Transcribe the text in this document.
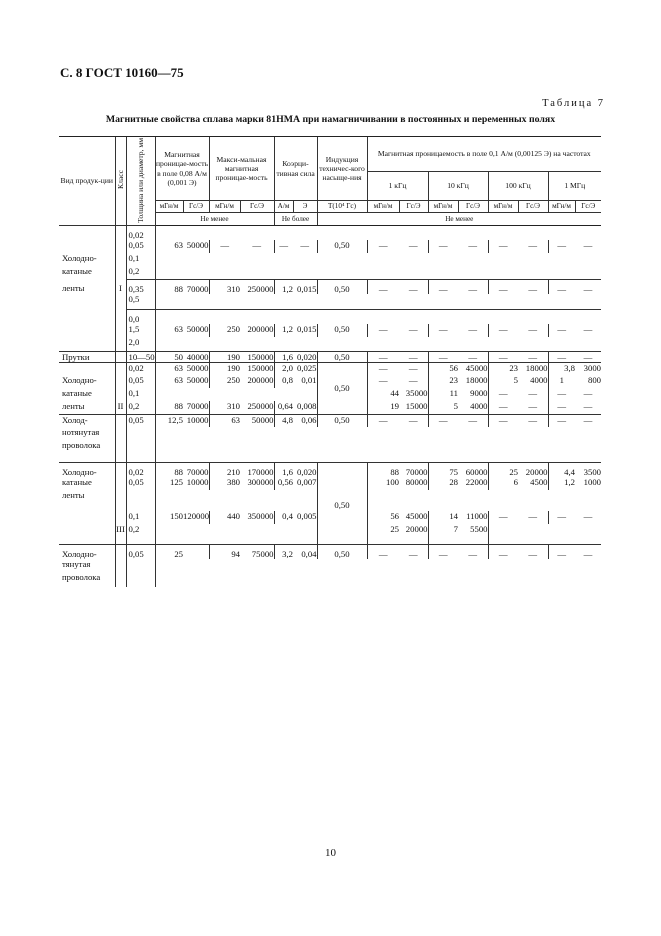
С. 8 ГОСТ 10160—75
Таблица 7
Магнитные свойства сплава марки 81НМА при намагничивании в постоянных и переменных полях
Вид продук-ции	Класс	Толщина или диаметр, мм	Магнитная проницае-мость в поле 0,08 А/м (0,001 Э)		Макси-мальная магнитная проницае-мость		Коэрци-тивная сила		Индукция техничес-кого насыще-ния	Магнитная проницаемость в поле 0,1 А/м (0,00125 Э) на частотах							
										1 кГц		10 кГц		100 кГц		1 МГц	
			мГн/м	Гс/Э	мГн/м	Гс/Э	А/м	Э	Т(10⁴ Гс)	мГн/м	Гс/Э	мГн/м	Гс/Э	мГн/м	Гс/Э	мГн/м	Гс/Э
			Не менее				Не более		Не менее								
		0,02															
		0,05	63	50000	—	—	—	—	0,50	—	—	—	—	—	—	—	—
Холодно-		0,1															
катаные		0,2															
ленты	I	0,35	88	70000	310	250000	1,2	0,015	0,50	—	—	—	—	—	—	—	—
		0,5															
		0,0															
		1,5	63	50000	250	200000	1,2	0,015	0,50	—	—	—	—	—	—	—	—
		2,0															
Прутки		10—50	50	40000	190	150000	1,6	0,020	0,50	—	—	—	—	—	—	—	—
		0,02	63	50000	190	150000	2,0	0,025	0,50	—	—	56	45000	23	18000	3,8	3000
Холодно-		0,05	63	50000	250	200000	0,8	0,01		—	—	23	18000	5	4000	1	800
катаные		0,1								44	35000	11	9000	—	—	—	—
ленты	II	0,2	88	70000	310	250000	0,64	0,008		19	15000	5	4000	—	—	—	—
Холод-		0,05	12,5	10000	63	50000	4,8	0,06	0,50	—	—	—	—	—	—	—	—
нотянутая																	
проволока																	
Холодно-		0,02	88	70000	210	170000	1,6	0,020	0,50	88	70000	75	60000	25	20000	4,4	3500
катаные		0,05	125	10000	380	300000	0,56	0,007		100	80000	28	22000	6	4500	1,2	1000
ленты																	
		0,1	150	120000	440	350000	0,4	0,005		56	45000	14	11000	—	—	—	—
	III	0,2								25	20000	7	5500				
Холодно-		0,05	25		94	75000	3,2	0,04	0,50	—	—	—	—	—	—	—	—
тянутая																	
проволока																	
10
